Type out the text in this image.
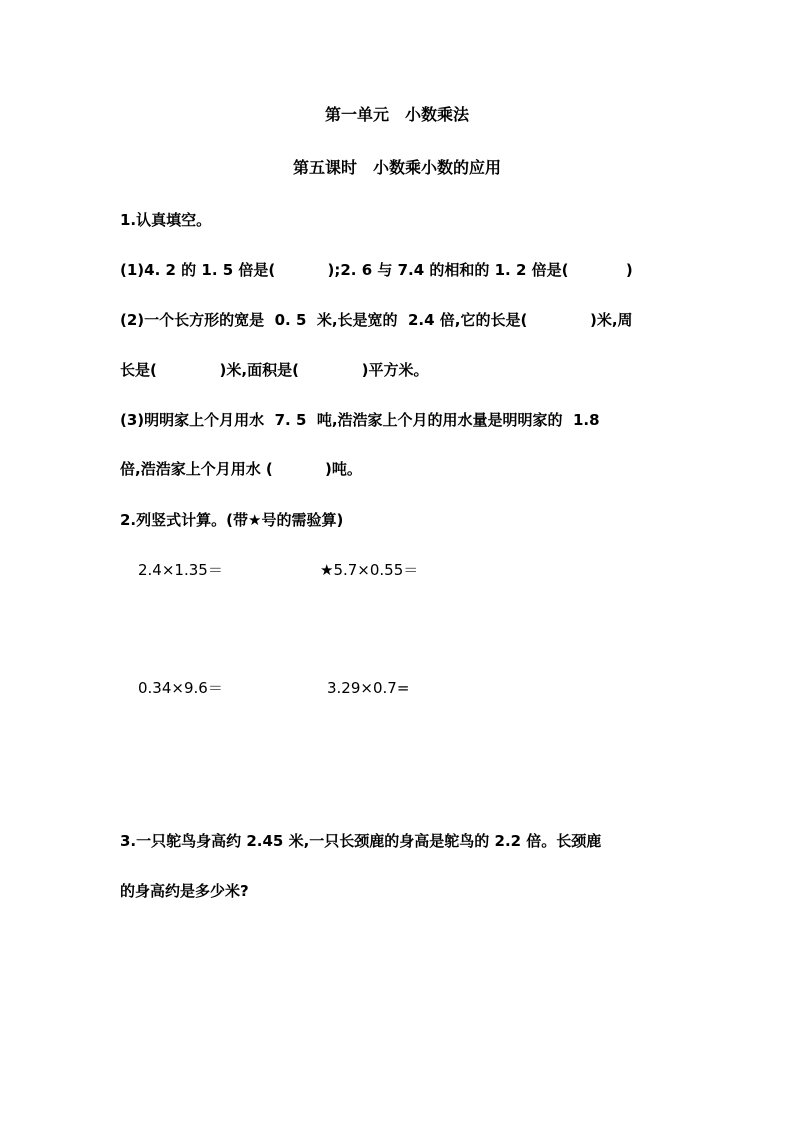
第一单元　小数乘法
第五课时　小数乘小数的应用
1.认真填空。
(1)4. 2 的 1. 5 倍是(          );2. 6 与 7.4 的相和的 1. 2 倍是(           )
(2)一个长方形的宽是  0. 5  米,长是宽的  2.4 倍,它的长是(            )米,周
长是(            )米,面积是(            )平方米。
(3)明明家上个月用水  7. 5  吨,浩浩家上个月的用水量是明明家的  1.8
倍,浩浩家上个月用水 (          )吨。
2.列竖式计算。(带★号的需验算)
2.4×1.35＝	★5.7×0.55＝
0.34×9.6＝	3.29×0.7=
3.一只鸵鸟身高约 2.45 米,一只长颈鹿的身高是鸵鸟的 2.2 倍。长颈鹿
的身高约是多少米?
